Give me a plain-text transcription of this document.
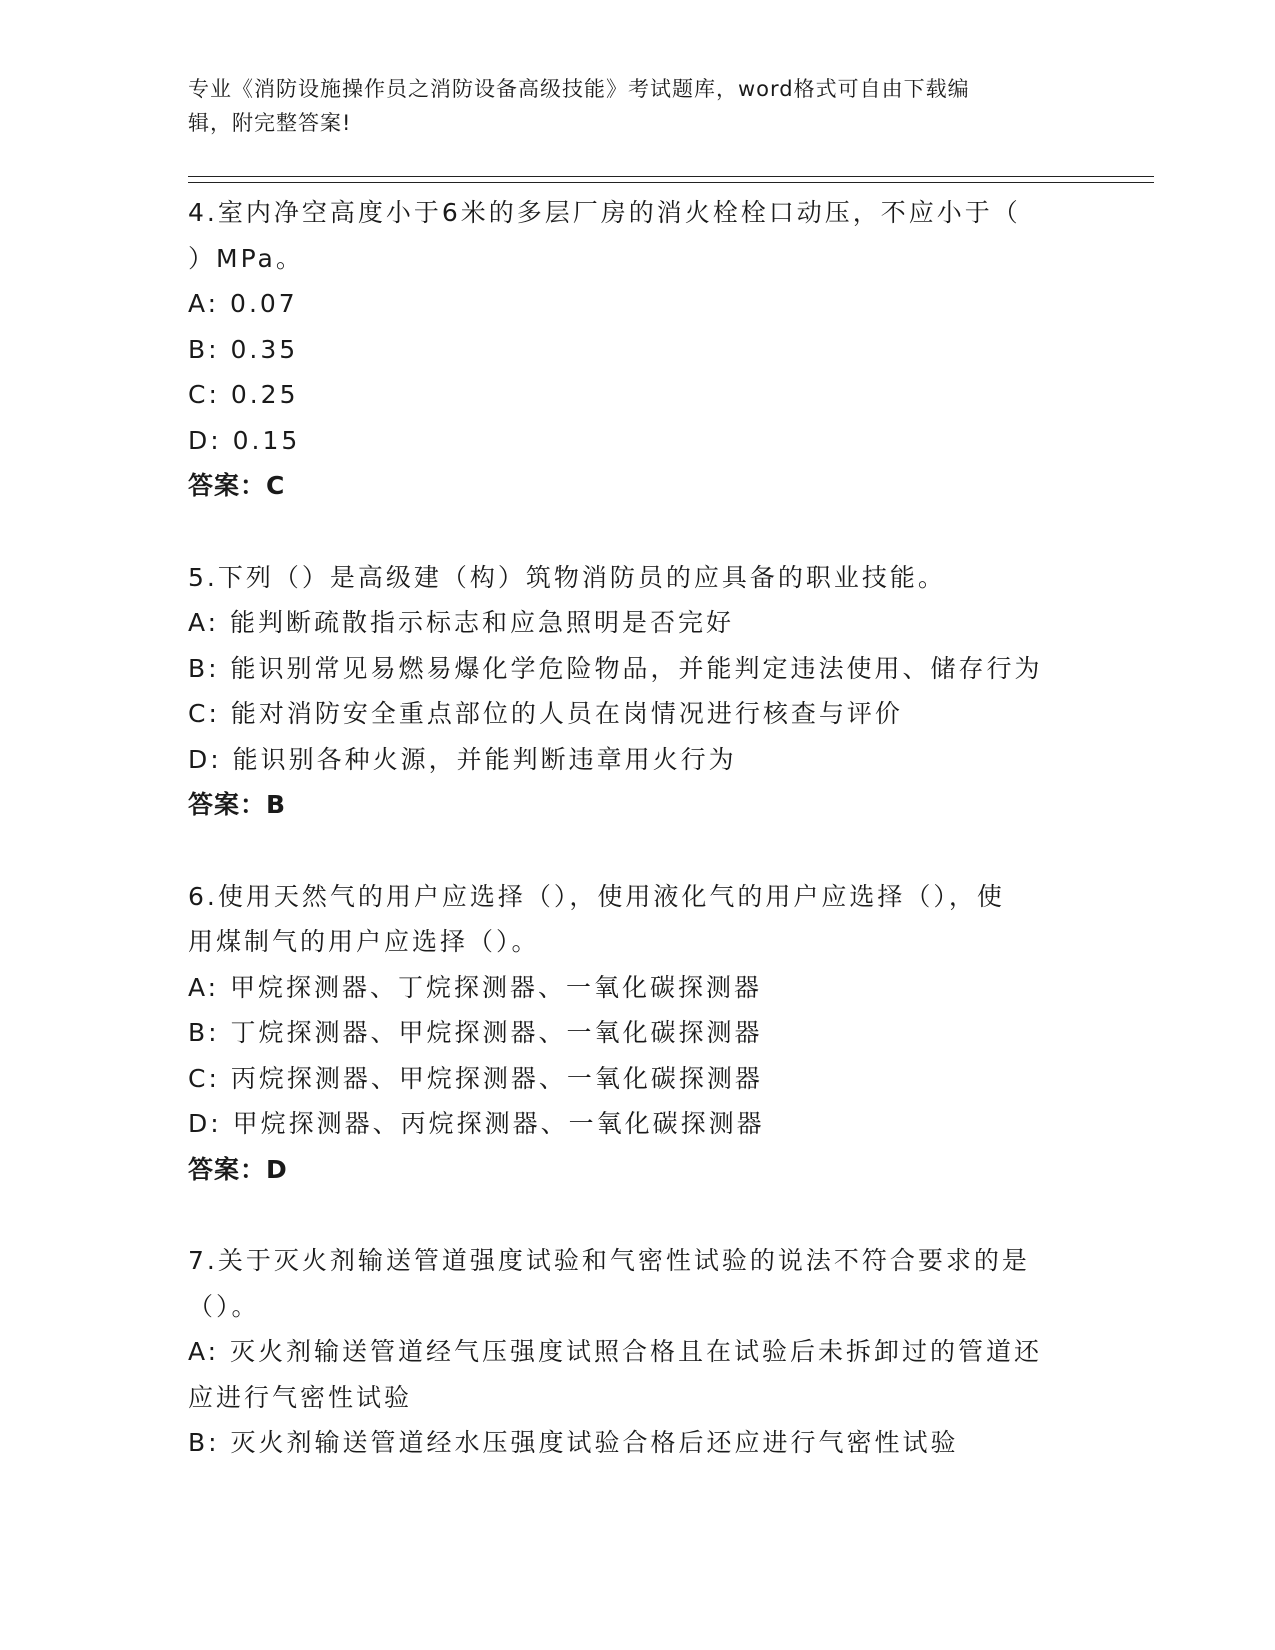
专业《消防设施操作员之消防设备高级技能》考试题库，word格式可自由下载编
辑，附完整答案!
4.室内净空高度小于6米的多层厂房的消火栓栓口动压，不应小于（
）MPa。
A: 0.07
B: 0.35
C: 0.25
D: 0.15
答案：C
5.下列（）是高级建（构）筑物消防员的应具备的职业技能。
A: 能判断疏散指示标志和应急照明是否完好
B: 能识别常见易燃易爆化学危险物品，并能判定违法使用、储存行为
C: 能对消防安全重点部位的人员在岗情况进行核查与评价
D: 能识别各种火源，并能判断违章用火行为
答案：B
6.使用天然气的用户应选择（），使用液化气的用户应选择（），使
用煤制气的用户应选择（）。
A: 甲烷探测器、丁烷探测器、一氧化碳探测器
B: 丁烷探测器、甲烷探测器、一氧化碳探测器
C: 丙烷探测器、甲烷探测器、一氧化碳探测器
D: 甲烷探测器、丙烷探测器、一氧化碳探测器
答案：D
7.关于灭火剂输送管道强度试验和气密性试验的说法不符合要求的是
（）。
A: 灭火剂输送管道经气压强度试照合格且在试验后未拆卸过的管道还
应进行气密性试验
B: 灭火剂输送管道经水压强度试验合格后还应进行气密性试验
